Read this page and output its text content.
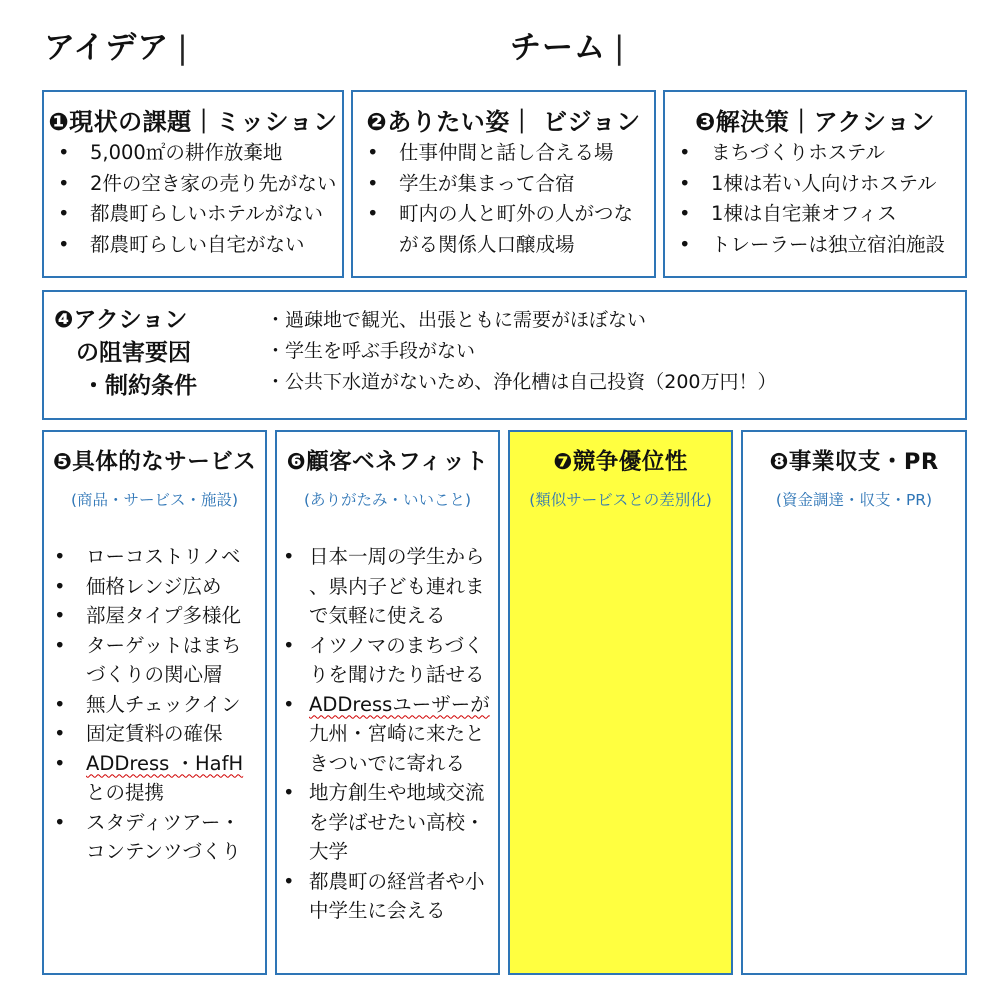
アイデア |	チーム |
❶現状の課題｜ミッション
• 5,000㎡の耕作放棄地
• 2件の空き家の売り先がない
• 都農町らしいホテルがない
• 都農町らしい自宅がない
❷ありたい姿｜ ビジョン
• 仕事仲間と話し合える場
• 学生が集まって合宿
• 町内の人と町外の人がつな
がる関係人口醸成場
❸解決策｜アクション
• まちづくりホステル
• 1棟は若い人向けホステル
• 1棟は自宅兼オフィス
• トレーラーは独立宿泊施設
❹アクション
の阻害要因
・制約条件
・過疎地で観光、出張ともに需要がほぼない
・学生を呼ぶ手段がない
・公共下水道がないため、浄化槽は自己投資（200万円！）
❺具体的なサービス
(商品・サービス・施設)
• ローコストリノベ
• 価格レンジ広め
• 部屋タイプ多様化
• ターゲットはまち
づくりの関心層
• 無人チェックイン
• 固定賃料の確保
• ADDress ・HafH
との提携
• スタディツアー・
コンテンツづくり
❻顧客ベネフィット
(ありがたみ・いいこと)
• 日本一周の学生から
、県内子ども連れま
で気軽に使える
• イツノマのまちづく
りを聞けたり話せる
• ADDressユーザーが
九州・宮崎に来たと
きついでに寄れる
• 地方創生や地域交流
を学ばせたい高校・
大学
• 都農町の経営者や小
中学生に会える
❼競争優位性
(類似サービスとの差別化)
❽事業収支・PR
(資金調達・収支・PR)
